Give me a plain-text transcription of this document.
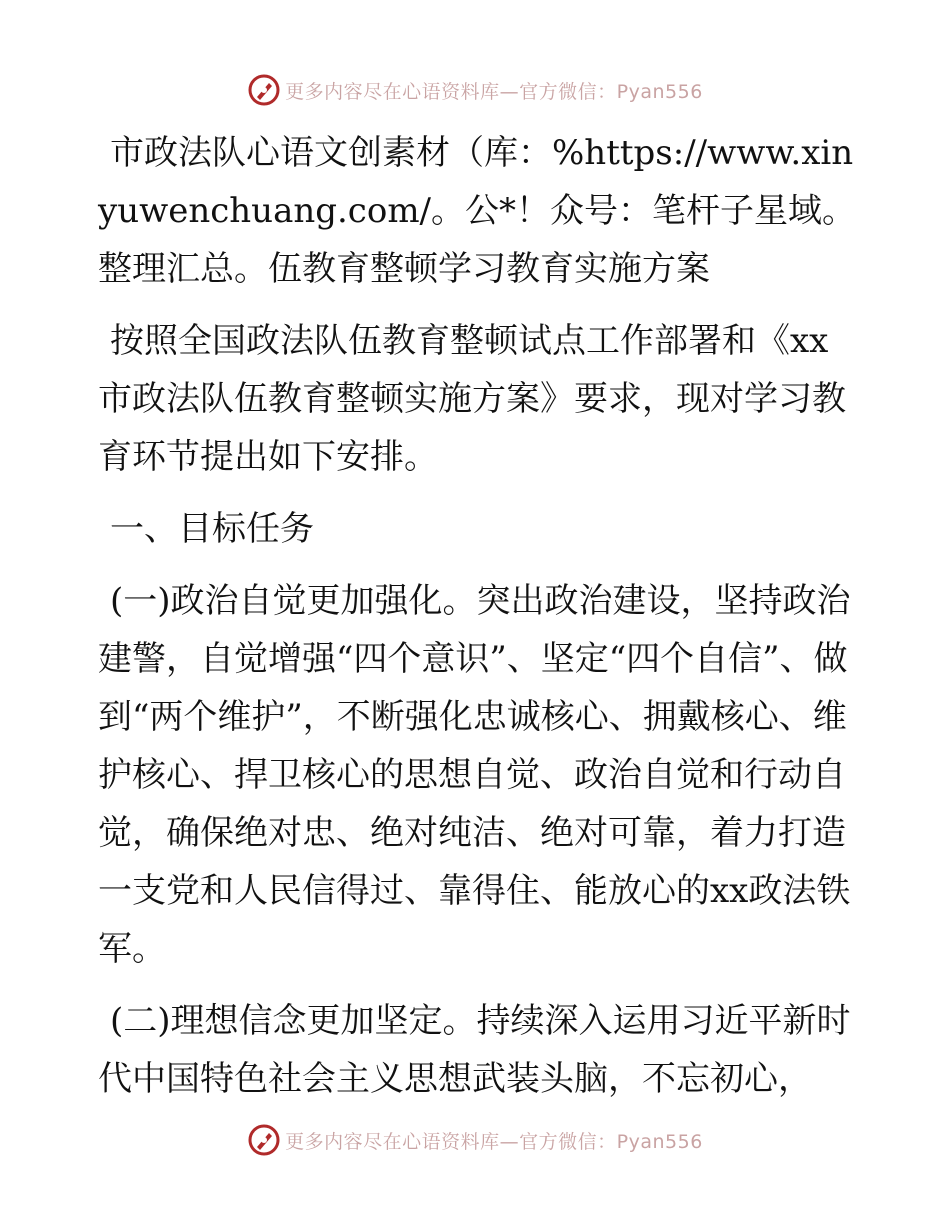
更多内容尽在心语资料库—官方微信：Pyan556

市政法队心语文创素材（库：%https://www.xinyuwenchuang.com/。公*！众号：笔杆子星域。整理汇总。伍教育整顿学习教育实施方案

按照全国政法队伍教育整顿试点工作部署和《xx市政法队伍教育整顿实施方案》要求，现对学习教育环节提出如下安排。

一、目标任务

(一)政治自觉更加强化。突出政治建设，坚持政治建警，自觉增强“四个意识”、坚定“四个自信”、做到“两个维护”，不断强化忠诚核心、拥戴核心、维护核心、捍卫核心的思想自觉、政治自觉和行动自觉，确保绝对忠、绝对纯洁、绝对可靠，着力打造一支党和人民信得过、靠得住、能放心的xx政法铁军。

(二)理想信念更加坚定。持续深入运用习近平新时代中国特色社会主义思想武装头脑，不忘初心，

更多内容尽在心语资料库—官方微信：Pyan556
